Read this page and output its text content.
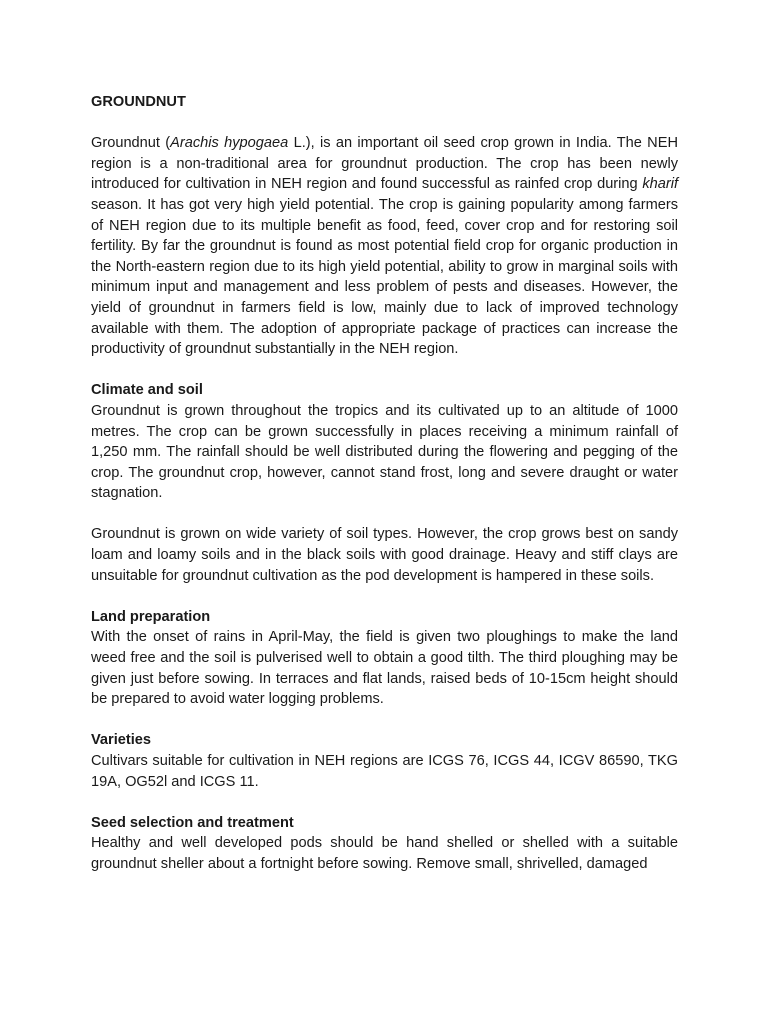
GROUNDNUT

Groundnut (Arachis hypogaea L.), is an important oil seed crop grown in India. The NEH region is a non-traditional area for groundnut production. The crop has been newly introduced for cultivation in NEH region and found successful as rainfed crop during kharif season. It has got very high yield potential. The crop is gaining popularity among farmers of NEH region due to its multiple benefit as food, feed, cover crop and for restoring soil fertility. By far the groundnut is found as most potential field crop for organic production in the North-eastern region due to its high yield potential, ability to grow in marginal soils with minimum input and management and less problem of pests and diseases. However, the yield of groundnut in farmers field is low, mainly due to lack of improved technology available with them. The adoption of appropriate package of practices can increase the productivity of groundnut substantially in the NEH region.

Climate and soil

Groundnut is grown throughout the tropics and its cultivated up to an altitude of 1000 metres. The crop can be grown successfully in places receiving a minimum rainfall of 1,250 mm. The rainfall should be well distributed during the flowering and pegging of the crop. The groundnut crop, however, cannot stand frost, long and severe draught or water stagnation.

Groundnut is grown on wide variety of soil types. However, the crop grows best on sandy loam and loamy soils and in the black soils with good drainage. Heavy and stiff clays are unsuitable for groundnut cultivation as the pod development is hampered in these soils.

Land preparation

With the onset of rains in April-May, the field is given two ploughings to make the land weed free and the soil is pulverised well to obtain a good tilth. The third ploughing may be given just before sowing. In terraces and flat lands, raised beds of 10-15cm height should be prepared to avoid water logging problems.

Varieties

Cultivars suitable for cultivation in NEH regions are ICGS 76, ICGS 44, ICGV 86590, TKG 19A, OG52l and ICGS 11.

Seed selection and treatment

Healthy and well developed pods should be hand shelled or shelled with a suitable groundnut sheller about a fortnight before sowing. Remove small, shrivelled, damaged
